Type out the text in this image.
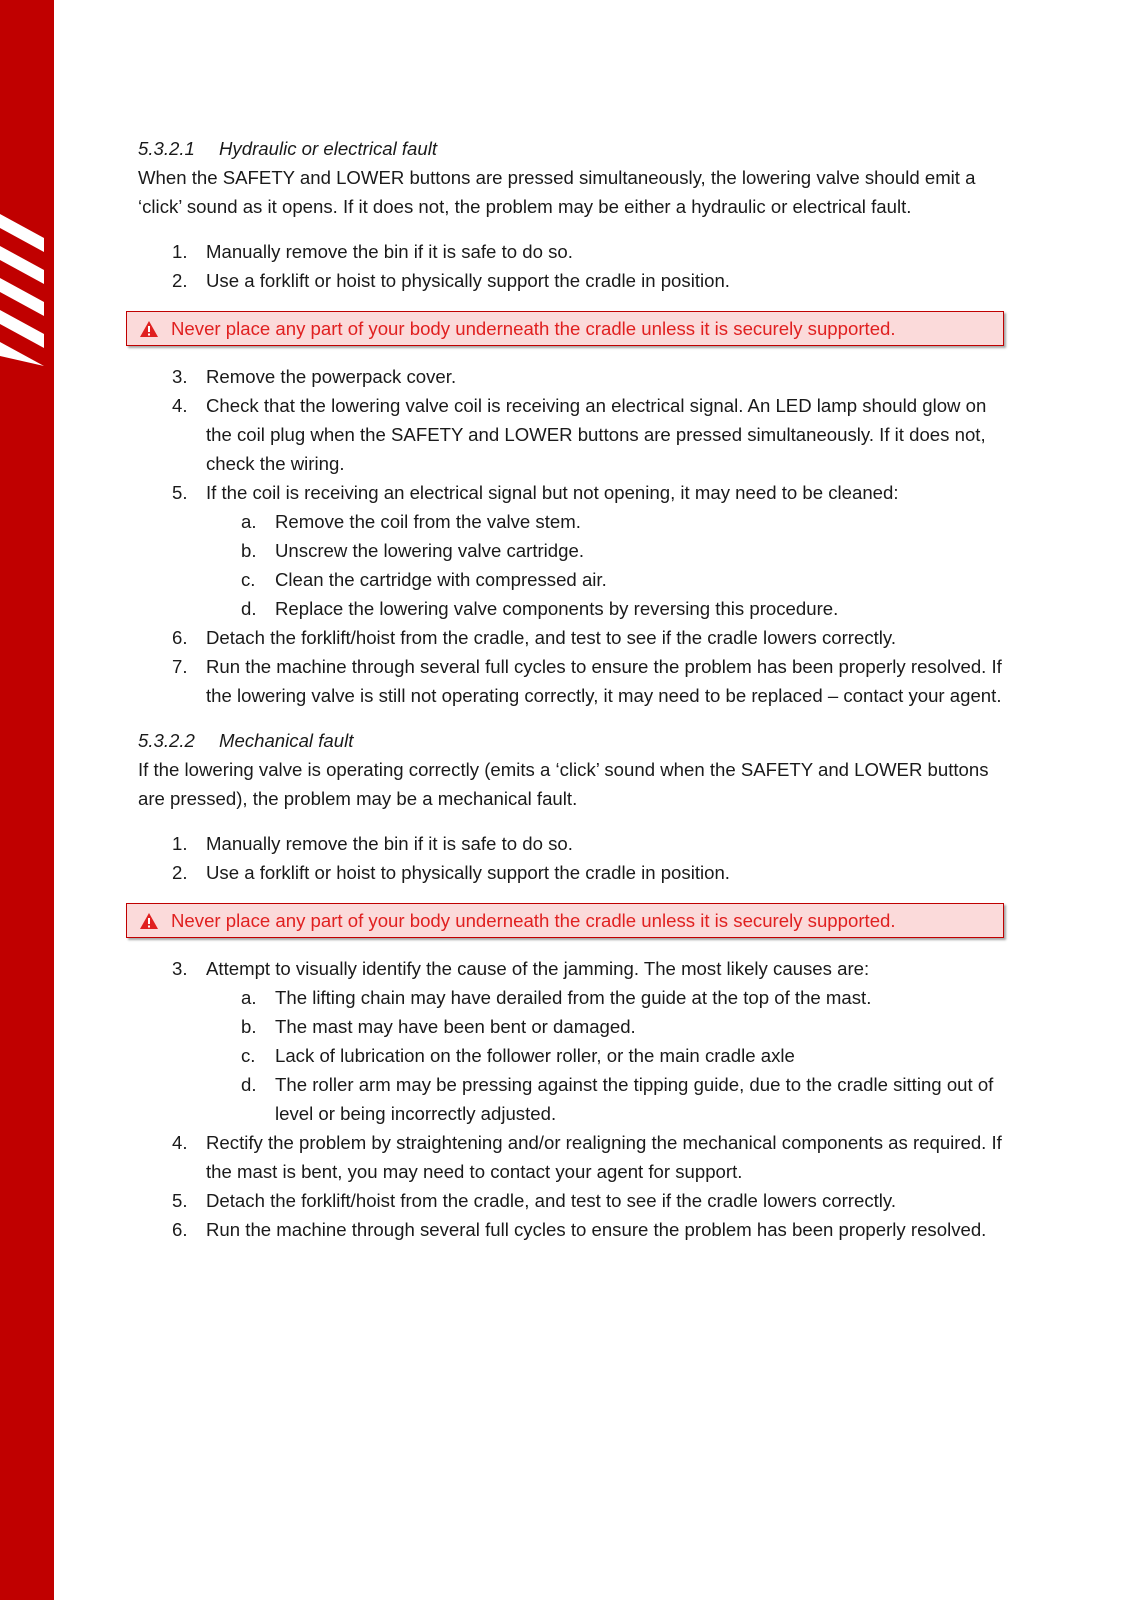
5.3.2.1	Hydraulic or electrical fault

When the SAFETY and LOWER buttons are pressed simultaneously, the lowering valve should emit a ‘click’ sound as it opens. If it does not, the problem may be either a hydraulic or electrical fault.

1. Manually remove the bin if it is safe to do so.
2. Use a forklift or hoist to physically support the cradle in position.
Never place any part of your body underneath the cradle unless it is securely supported.
3. Remove the powerpack cover.
4. Check that the lowering valve coil is receiving an electrical signal. An LED lamp should glow on the coil plug when the SAFETY and LOWER buttons are pressed simultaneously. If it does not, check the wiring.
5. If the coil is receiving an electrical signal but not opening, it may need to be cleaned:
a. Remove the coil from the valve stem.
b. Unscrew the lowering valve cartridge.
c. Clean the cartridge with compressed air.
d. Replace the lowering valve components by reversing this procedure.
6. Detach the forklift/hoist from the cradle, and test to see if the cradle lowers correctly.
7. Run the machine through several full cycles to ensure the problem has been properly resolved. If the lowering valve is still not operating correctly, it may need to be replaced – contact your agent.
5.3.2.2	Mechanical fault

If the lowering valve is operating correctly (emits a ‘click’ sound when the SAFETY and LOWER buttons are pressed), the problem may be a mechanical fault.

1. Manually remove the bin if it is safe to do so.
2. Use a forklift or hoist to physically support the cradle in position.
Never place any part of your body underneath the cradle unless it is securely supported.
3. Attempt to visually identify the cause of the jamming. The most likely causes are:
a. The lifting chain may have derailed from the guide at the top of the mast.
b. The mast may have been bent or damaged.
c. Lack of lubrication on the follower roller, or the main cradle axle
d. The roller arm may be pressing against the tipping guide, due to the cradle sitting out of level or being incorrectly adjusted.
4. Rectify the problem by straightening and/or realigning the mechanical components as required. If the mast is bent, you may need to contact your agent for support.
5. Detach the forklift/hoist from the cradle, and test to see if the cradle lowers correctly.
6. Run the machine through several full cycles to ensure the problem has been properly resolved.
